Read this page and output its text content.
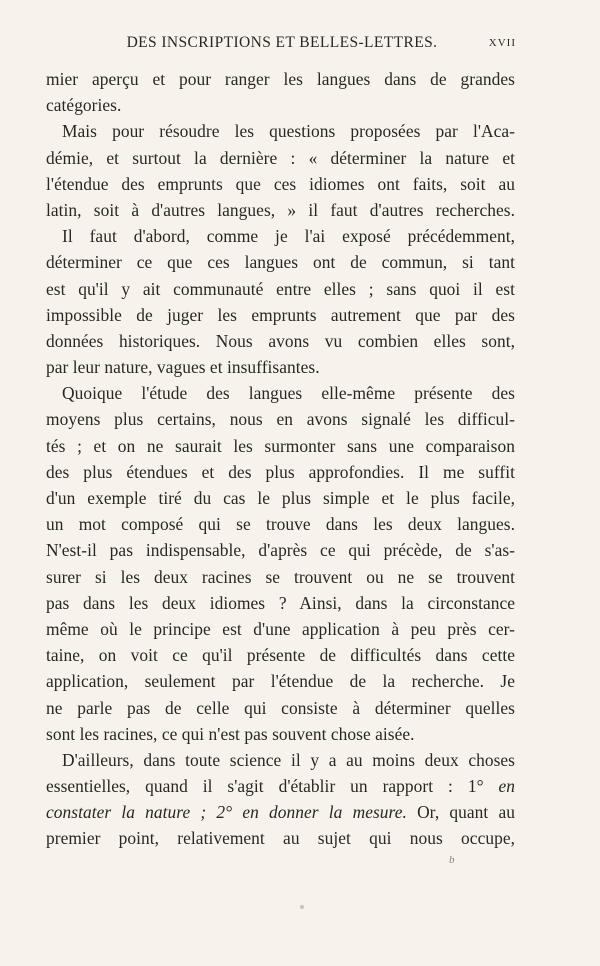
DES INSCRIPTIONS ET BELLES-LETTRES.	XVII
mier aperçu et pour ranger les langues dans de grandes
catégories.
Mais pour résoudre les questions proposées par l'Aca-
démie, et surtout la dernière : « déterminer la nature et
l'étendue des emprunts que ces idiomes ont faits, soit au
latin, soit à d'autres langues, » il faut d'autres recherches.
Il faut d'abord, comme je l'ai exposé précédemment,
déterminer ce que ces langues ont de commun, si tant
est qu'il y ait communauté entre elles ; sans quoi il est
impossible de juger les emprunts autrement que par des
données historiques. Nous avons vu combien elles sont,
par leur nature, vagues et insuffisantes.
Quoique l'étude des langues elle-même présente des
moyens plus certains, nous en avons signalé les difficul-
tés ; et on ne saurait les surmonter sans une comparaison
des plus étendues et des plus approfondies. Il me suffit
d'un exemple tiré du cas le plus simple et le plus facile,
un mot composé qui se trouve dans les deux langues.
N'est-il pas indispensable, d'après ce qui précède, de s'as-
surer si les deux racines se trouvent ou ne se trouvent
pas dans les deux idiomes ? Ainsi, dans la circonstance
même où le principe est d'une application à peu près cer-
taine, on voit ce qu'il présente de difficultés dans cette
application, seulement par l'étendue de la recherche. Je
ne parle pas de celle qui consiste à déterminer quelles
sont les racines, ce qui n'est pas souvent chose aisée.
D'ailleurs, dans toute science il y a au moins deux choses
essentielles, quand il s'agit d'établir un rapport : 1° en
constater la nature ; 2° en donner la mesure. Or, quant au
premier point, relativement au sujet qui nous occupe,
b
